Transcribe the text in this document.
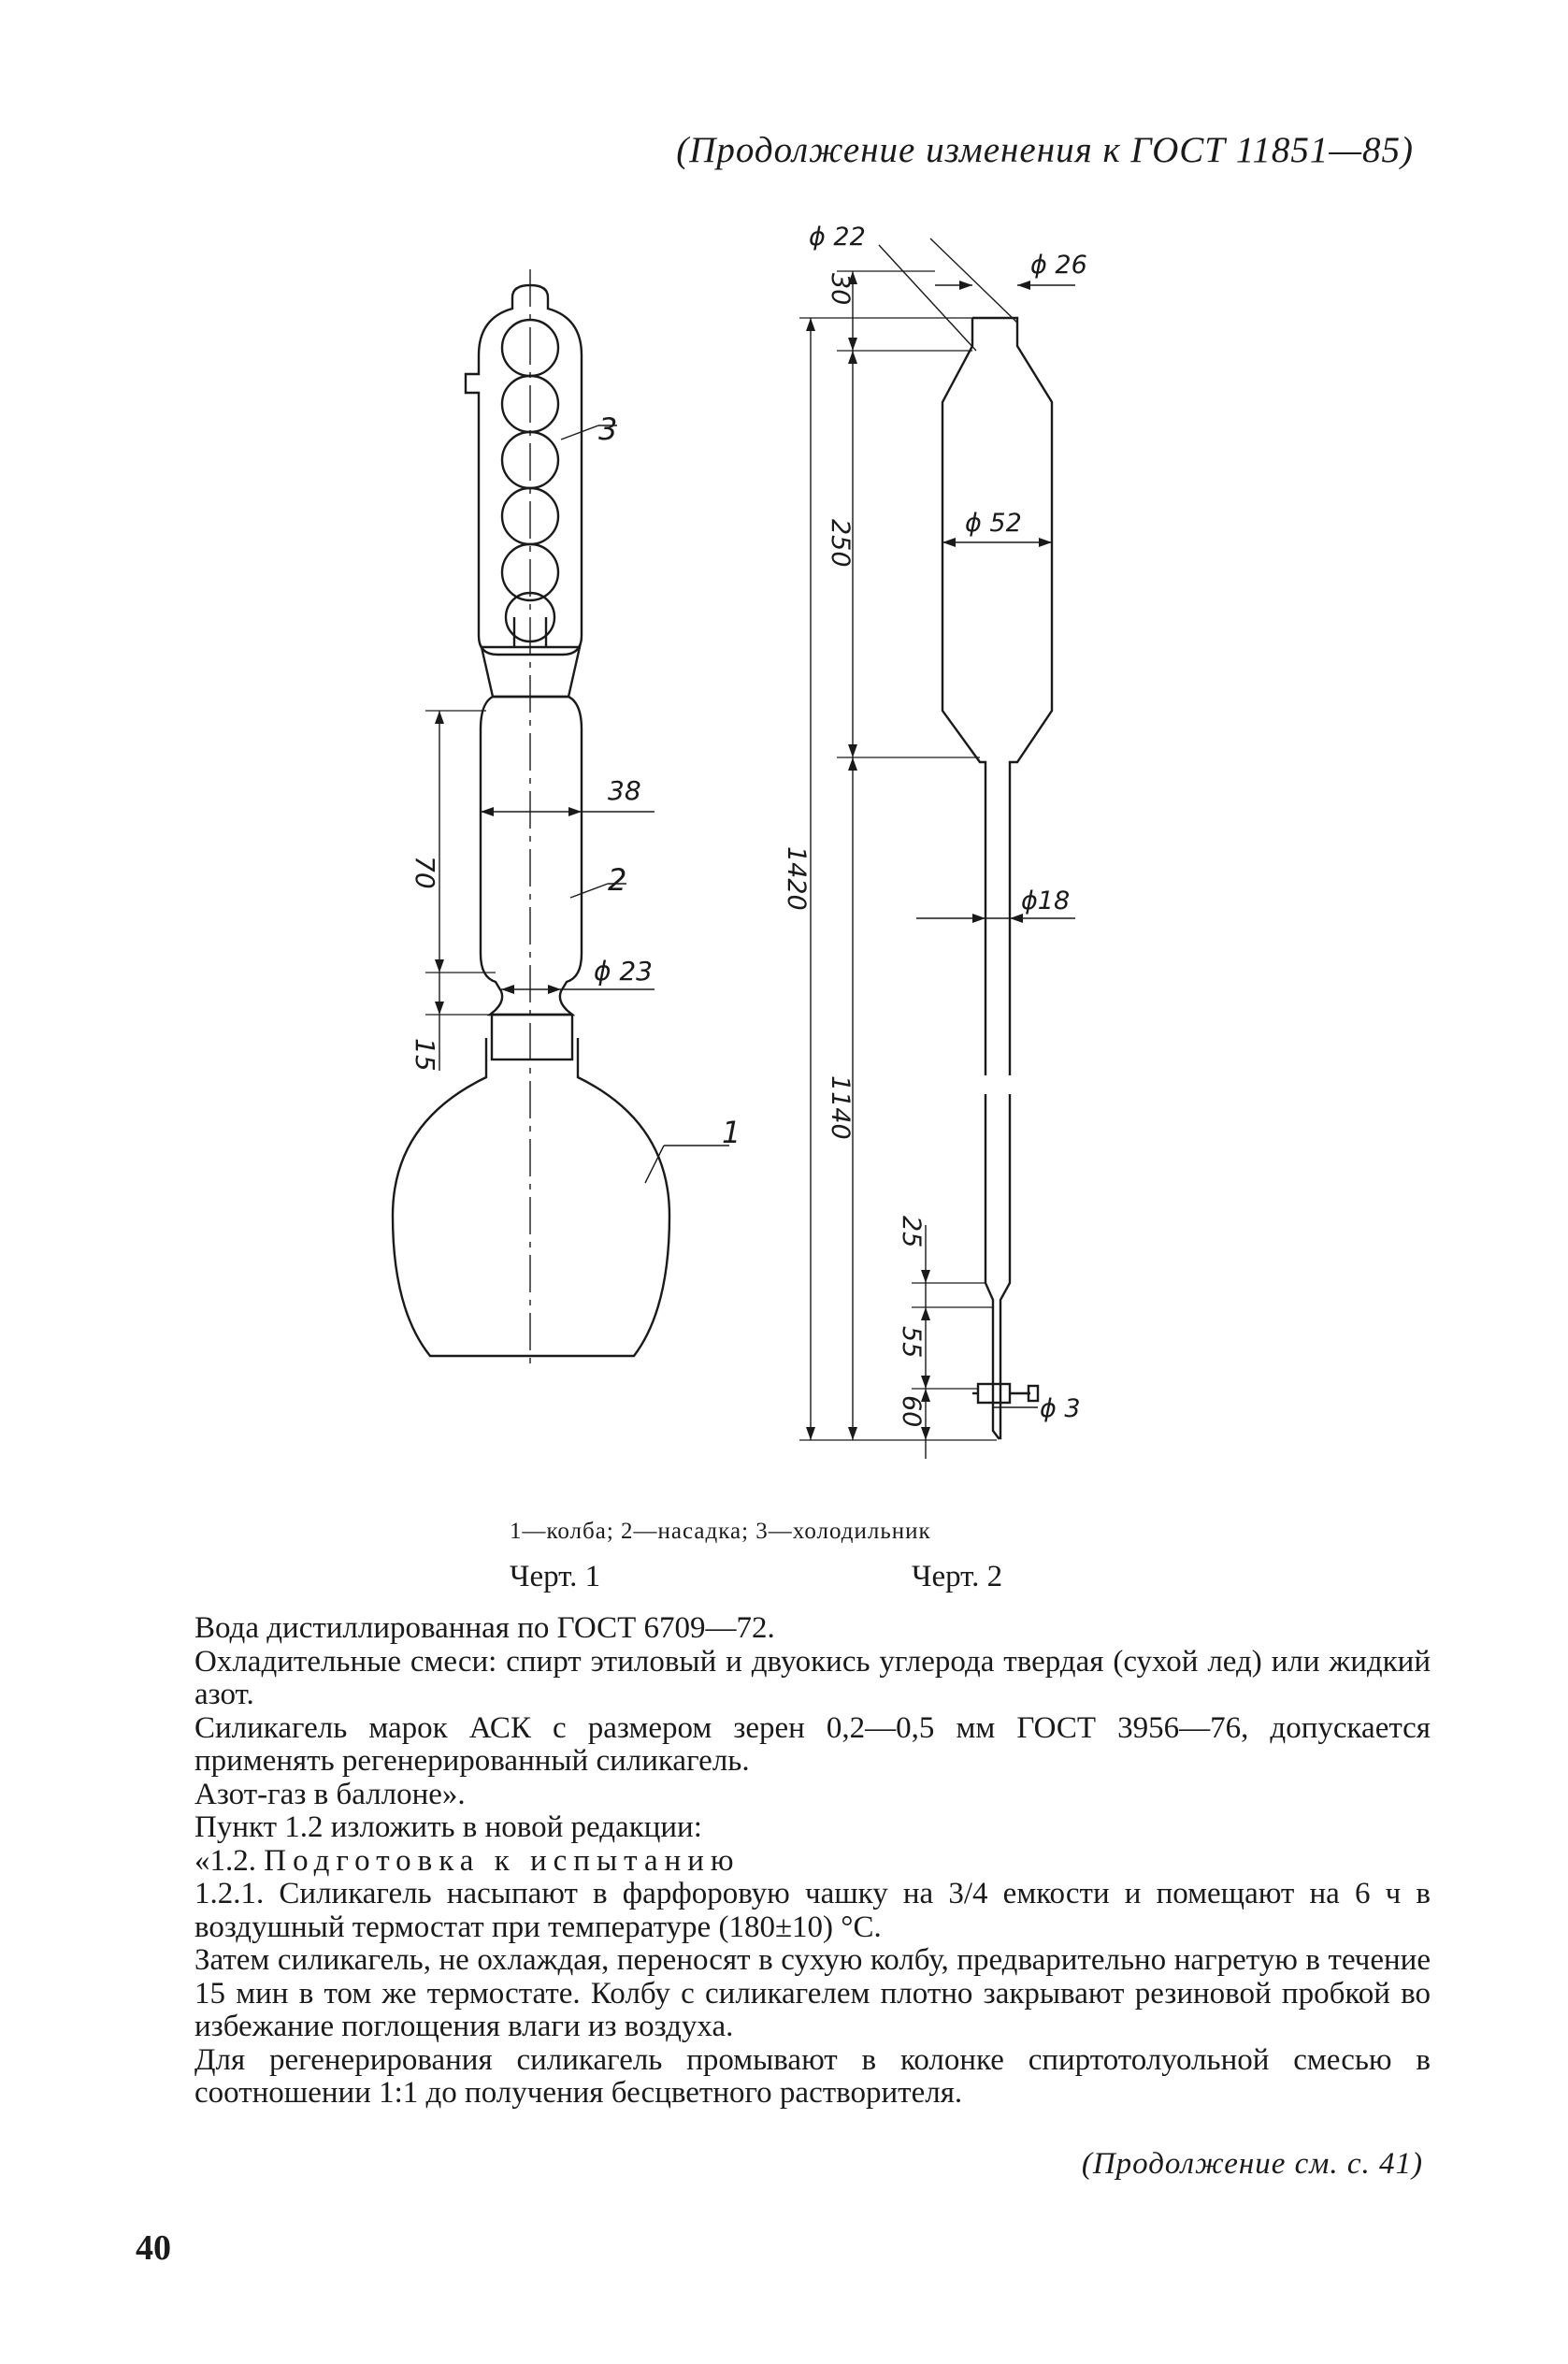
(Продолжение изменения к ГОСТ 11851—85)
3
2
1
38
ϕ 23
70
15
ϕ 22
ϕ 26
30
ϕ 52
250
1420	ϕ18
1140
25
55
60	ϕ 3
1—колба; 2—насадка; 3—холодильник
Черт. 1	Черт. 2

Вода дистиллированная по ГОСТ 6709—72.

Охладительные смеси: спирт этиловый и двуокись углерода твердая (сухой лед) или жидкий азот.

Силикагель марок АСК с размером зерен 0,2—0,5 мм ГОСТ 3956—76, допускается применять регенерированный силикагель.

Азот-газ в баллоне».

Пункт 1.2 изложить в новой редакции:

«1.2. Подготовка к испытанию

1.2.1. Силикагель насыпают в фарфоровую чашку на 3/4 емкости и помещают на 6 ч в воздушный термостат при температуре (180±10) °С.

Затем силикагель, не охлаждая, переносят в сухую колбу, предварительно нагретую в течение 15 мин в том же термостате. Колбу с силикагелем плотно закрывают резиновой пробкой во избежание поглощения влаги из воздуха.

Для регенерирования силикагель промывают в колонке спиртотолуольной смесью в соотношении 1:1 до получения бесцветного растворителя.

(Продолжение см. с. 41)
40
